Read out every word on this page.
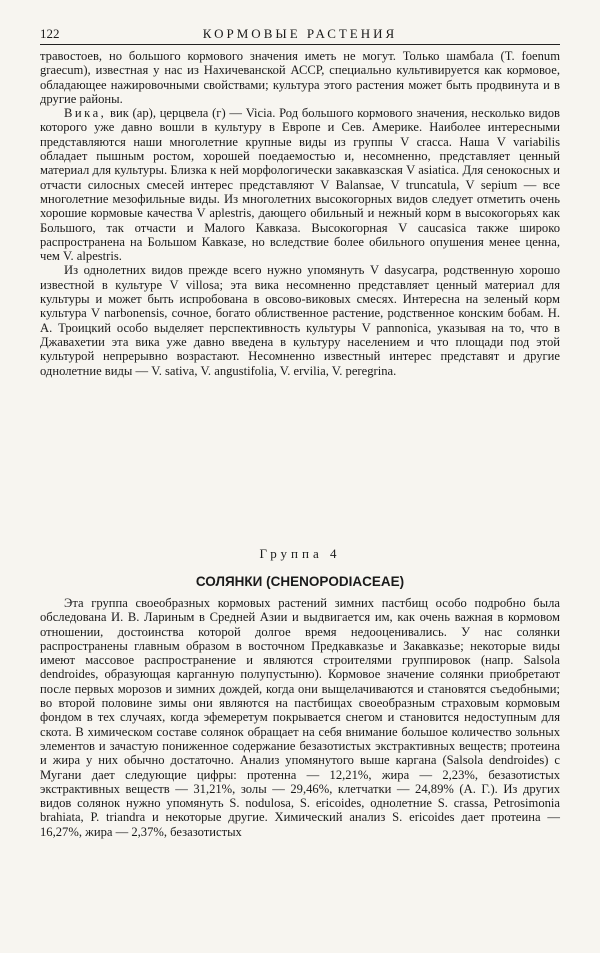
122	КОРМОВЫЕ РАСТЕНИЯ

травостоев, но большого кормового значения иметь не могут. Только шамбала (T. foenum graecum), известная у нас из Нахичеванской АССР, специально культивируется как кормовое, обладающее нажировочными свойствами; культура этого растения может быть продвинута и в другие районы.

Вика, вик (ар), церцвела (г) — Vicia. Род большого кормового значения, несколько видов которого уже давно вошли в культуру в Европе и Сев. Америке. Наиболее интересными представляются наши многолетние крупные виды из группы V cracca. Наша V variabilis обладает пышным ростом, хорошей поедаемостью и, несомненно, представляет ценный материал для культуры. Близка к ней морфологически закавказская V asiatica. Для сенокосных и отчасти силосных смесей интерес представляют V Balansae, V truncatula, V sepium — все многолетние мезофильные виды. Из многолетних высокогорных видов следует отметить очень хорошие кормовые качества V aplestris, дающего обильный и нежный корм в высокогорьях как Большого, так отчасти и Малого Кавказа. Высокогорная V caucasica также широко распространена на Большом Кавказе, но вследствие более обильного опушения менее ценна, чем V. alpestris.

Из однолетних видов прежде всего нужно упомянуть V dasycarpa, родственную хорошо известной в культуре V villosa; эта вика несомненно представляет ценный материал для культуры и может быть испробована в овсово-виковых смесях. Интересна на зеленый корм культура V narbonensis, сочное, богато облиственное растение, родственное конским бобам. Н. А. Троицкий особо выделяет перспективность культуры V pannonica, указывая на то, что в Джавахетии эта вика уже давно введена в культуру населением и что площади под этой культурой непрерывно возрастают. Несомненно известный интерес представят и другие однолетние виды — V. sativa, V. angustifolia, V. ervilia, V. peregrina.

Группа 4
СОЛЯНКИ (CHENOPODIACEAE)

Эта группа своеобразных кормовых растений зимних пастбищ особо подробно была обследована И. В. Лариным в Средней Азии и выдвигается им, как очень важная в кормовом отношении, достоинства которой долгое время недооценивались. У нас солянки распространены главным образом в восточном Предкавказье и Закавказье; некоторые виды имеют массовое распространение и являются строителями группировок (напр. Salsola dendroides, образующая карганную полупустыню). Кормовое значение солянки приобретают после первых морозов и зимних дождей, когда они выщелачиваются и становятся съедобными; во второй половине зимы они являются на пастбищах своеобразным страховым кормовым фондом в тех случаях, когда эфемеретум покрывается снегом и становится недоступным для скота. В химическом составе солянок обращает на себя внимание большое количество зольных элементов и зачастую пониженное содержание безазотистых экстрактивных веществ; протеина и жира у них обычно достаточно. Анализ упомянутого выше каргана (Salsola dendroides) с Мугани дает следующие цифры: протенна — 12,21%, жира — 2,23%, безазотистых экстрактивных веществ — 31,21%, золы — 29,46%, клетчатки — 24,89% (А. Г.). Из других видов солянок нужно упомянуть S. nodulosa, S. ericoides, однолетние S. crassa, Petrosimonia brahiata, P. triandra и некоторые другие. Химический анализ S. ericoides дает протеина — 16,27%, жира — 2,37%, безазотистых
